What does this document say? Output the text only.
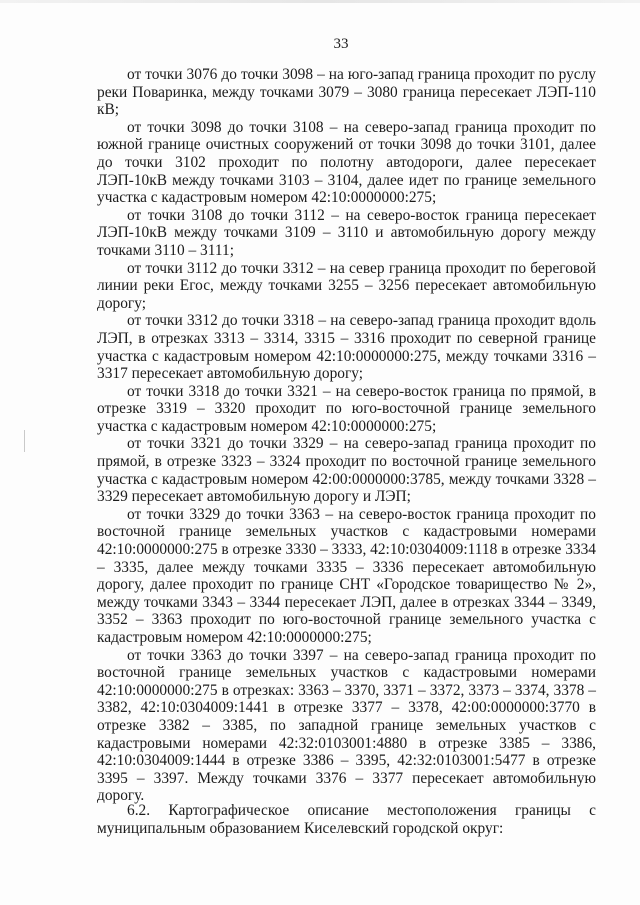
33

от точки 3076 до точки 3098 – на юго-запад граница проходит по руслу реки Поваринка, между точками 3079 – 3080 граница пересекает ЛЭП-110 кВ;

от точки 3098 до точки 3108 – на северо-запад граница проходит по южной границе очистных сооружений от точки 3098 до точки 3101, далее до точки 3102 проходит по полотну автодороги, далее пересекает ЛЭП-10кВ между точками 3103 – 3104, далее идет по границе земельного участка с кадастровым номером 42:10:0000000:275;

от точки 3108 до точки 3112 – на северо-восток граница пересекает ЛЭП-10кВ между точками 3109 – 3110 и автомобильную дорогу между точками 3110 – 3111;

от точки 3112 до точки 3312 – на север граница проходит по береговой линии реки Егос, между точками 3255 – 3256 пересекает автомобильную дорогу;

от точки 3312 до точки 3318 – на северо-запад граница проходит вдоль ЛЭП, в отрезках 3313 – 3314, 3315 – 3316 проходит по северной границе участка с кадастровым номером 42:10:0000000:275, между точками 3316 – 3317 пересекает автомобильную дорогу;

от точки 3318 до точки 3321 – на северо-восток граница по прямой, в отрезке 3319 – 3320 проходит по юго-восточной границе земельного участка с кадастровым номером 42:10:0000000:275;

от точки 3321 до точки 3329 – на северо-запад граница проходит по прямой, в отрезке 3323 – 3324 проходит по восточной границе земельного участка с кадастровым номером 42:00:0000000:3785, между точками 3328 – 3329 пересекает автомобильную дорогу и ЛЭП;

от точки 3329 до точки 3363 – на северо-восток граница проходит по восточной границе земельных участков с кадастровыми номерами 42:10:0000000:275 в отрезке 3330 – 3333, 42:10:0304009:1118 в отрезке 3334 – 3335, далее между точками 3335 – 3336 пересекает автомобильную дорогу, далее проходит по границе СНТ «Городское товарищество № 2», между точками 3343 – 3344 пересекает ЛЭП, далее в отрезках 3344 – 3349, 3352 – 3363 проходит по юго-восточной границе земельного участка с кадастровым номером 42:10:0000000:275;

от точки 3363 до точки 3397 – на северо-запад граница проходит по восточной границе земельных участков с кадастровыми номерами 42:10:0000000:275 в отрезках: 3363 – 3370, 3371 – 3372, 3373 – 3374, 3378 – 3382, 42:10:0304009:1441 в отрезке 3377 – 3378, 42:00:0000000:3770 в отрезке 3382 – 3385, по западной границе земельных участков с кадастровыми номерами 42:32:0103001:4880 в отрезке 3385 – 3386, 42:10:0304009:1444 в отрезке 3386 – 3395, 42:32:0103001:5477 в отрезке 3395 – 3397. Между точками 3376 – 3377 пересекает автомобильную дорогу.

6.2.    Картографическое    описание    местоположения    границы    с муниципальным образованием Киселевский городской округ:
